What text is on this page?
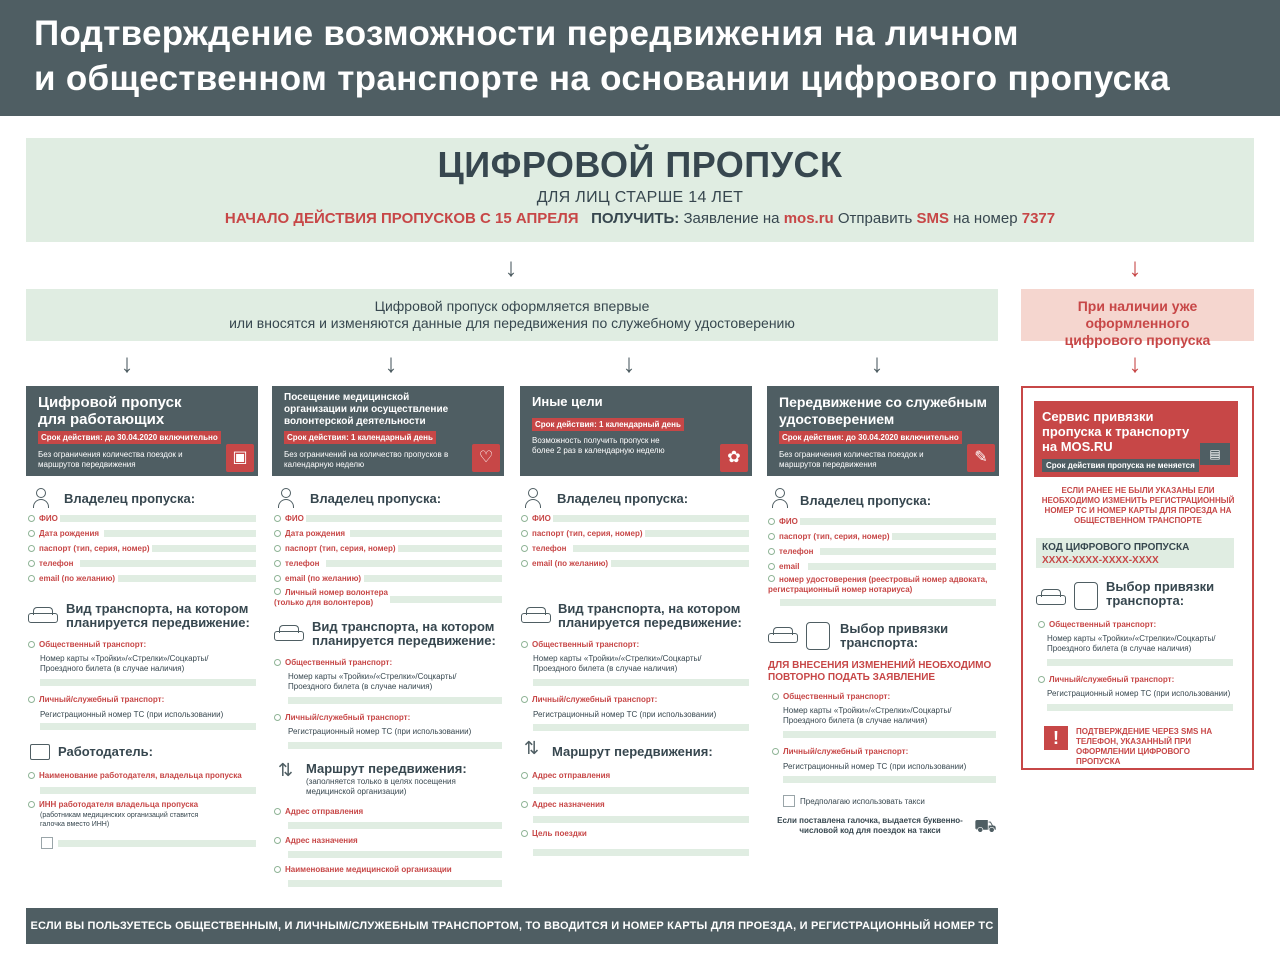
Подтверждение возможности передвижения на личном
и общественном транспорте на основании цифрового пропуска
ЦИФРОВОЙ ПРОПУСК
ДЛЯ ЛИЦ СТАРШЕ 14 ЛЕТ
НАЧАЛО ДЕЙСТВИЯ ПРОПУСКОВ С 15 АПРЕЛЯ ПОЛУЧИТЬ: Заявление на mos.ru Отправить SMS на номер 7377
↓	↓
Цифровой пропуск оформляется впервые
или вносятся и изменяются данные для передвижения по служебному удостоверению
При наличии уже оформленного цифрового пропуска
↓	↓	↓	↓	↓
Цифровой пропуск для работающих
Срок действия: до 30.04.2020 включительно
Без ограничения количества поездок и маршрутов передвижения	▣
Владелец пропуска:
ФИО
Дата рождения
паспорт (тип, серия, номер)
телефон
email (по желанию)
Вид транспорта, на котором планируется передвижение:
Общественный транспорт:
Номер карты «Тройки»/«Стрелки»/Соцкарты/ Проездного билета (в случае наличия)
Личный/служебный транспорт:
Регистрационный номер ТС (при использовании)
Работодатель:
Наименование работодателя, владельца пропуска
ИНН работодателя владельца пропуска
(работникам медицинских организаций ставится галочка вместо ИНН)
Посещение медицинской организации или осуществление волонтерской деятельности
Срок действия: 1 календарный день
Без ограничений на количество пропусков в календарную неделю	♡
Владелец пропуска:
ФИО
Дата рождения
паспорт (тип, серия, номер)
телефон
email (по желанию)
Личный номер волонтера (только для волонтеров)
Вид транспорта, на котором планируется передвижение:
Общественный транспорт:
Номер карты «Тройки»/«Стрелки»/Соцкарты/ Проездного билета (в случае наличия)
Личный/служебный транспорт:
Регистрационный номер ТС (при использовании)
⇅ Маршрут передвижения:
(заполняется только в целях посещения медицинской организации)
Адрес отправления
Адрес назначения
Наименование медицинской организации
Иные цели
Срок действия: 1 календарный день
Возможность получить пропуск не более 2 раз в календарную неделю	✿
Владелец пропуска:
ФИО
паспорт (тип, серия, номер)
телефон
email (по желанию)
Вид транспорта, на котором планируется передвижение:
Общественный транспорт:
Номер карты «Тройки»/«Стрелки»/Соцкарты/ Проездного билета (в случае наличия)
Личный/служебный транспорт:
Регистрационный номер ТС (при использовании)
⇅ Маршрут передвижения:
Адрес отправления
Адрес назначения
Цель поездки
Передвижение со служебным удостоверением
Срок действия: до 30.04.2020 включительно
Без ограничения количества поездок и маршрутов передвижения	✎
Владелец пропуска:
ФИО
паспорт (тип, серия, номер)
телефон
email
номер удостоверения (реестровый номер адвоката, регистрационный номер нотариуса)
Выбор привязки транспорта:
ДЛЯ ВНЕСЕНИЯ ИЗМЕНЕНИЙ НЕОБХОДИМО ПОВТОРНО ПОДАТЬ ЗАЯВЛЕНИЕ
Общественный транспорт:
Номер карты «Тройки»/«Стрелки»/Соцкарты/ Проездного билета (в случае наличия)
Личный/служебный транспорт:
Регистрационный номер ТС (при использовании)
Предполагаю использовать такси
Если поставлена галочка, выдается буквенно-числовой код для поездок на такси	⛟
Сервис привязки пропуска к транспорту на MOS.RU
Срок действия пропуска не меняется
▤
ЕСЛИ РАНЕЕ НЕ БЫЛИ УКАЗАНЫ ЕЛИ НЕОБХОДИМО ИЗМЕНИТЬ РЕГИСТРАЦИОННЫЙ НОМЕР ТС И НОМЕР КАРТЫ ДЛЯ ПРОЕЗДА НА ОБЩЕСТВЕННОМ ТРАНСПОРТЕ
КОД ЦИФРОВОГО ПРОПУСКА
XXXX-XXXX-XXXX-XXXX
Выбор привязки транспорта:
Общественный транспорт:
Номер карты «Тройки»/«Стрелки»/Соцкарты/ Проездного билета (в случае наличия)
Личный/служебный транспорт:
Регистрационный номер ТС (при использовании)
!	ПОДТВЕРЖДЕНИЕ ЧЕРЕЗ SMS НА ТЕЛЕФОН, УКАЗАННЫЙ ПРИ ОФОРМЛЕНИИ ЦИФРОВОГО ПРОПУСКА
ЕСЛИ ВЫ ПОЛЬЗУЕТЕСЬ ОБЩЕСТВЕННЫМ, И ЛИЧНЫМ/СЛУЖЕБНЫМ ТРАНСПОРТОМ, ТО ВВОДИТСЯ И НОМЕР КАРТЫ ДЛЯ ПРОЕЗДА, И РЕГИСТРАЦИОННЫЙ НОМЕР ТС
